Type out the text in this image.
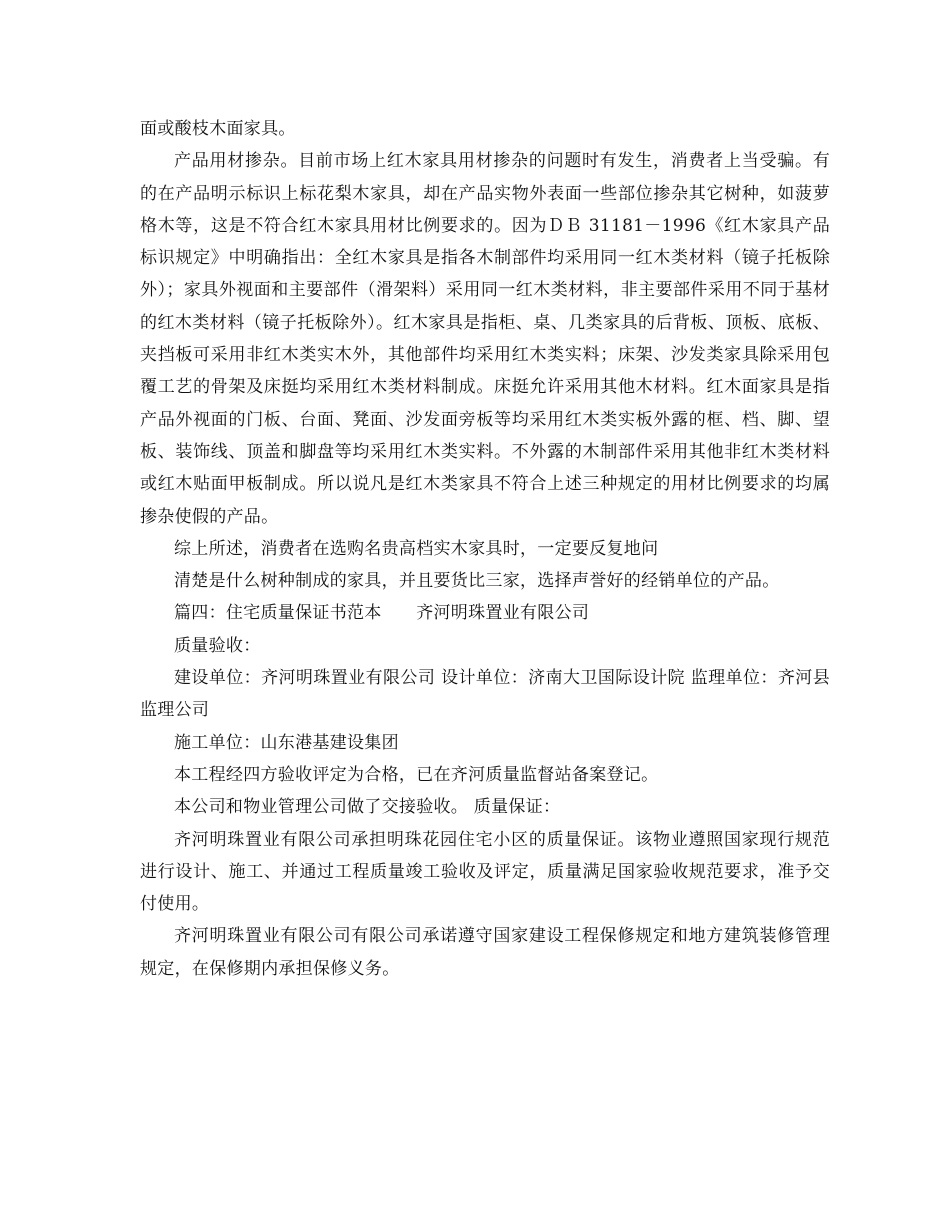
面或酸枝木面家具。

产品用材掺杂。目前市场上红木家具用材掺杂的问题时有发生，消费者上当受骗。有的在产品明示标识上标花梨木家具，却在产品实物外表面一些部位掺杂其它树种，如菠萝格木等，这是不符合红木家具用材比例要求的。因为ＤＢ 31181－1996《红木家具产品标识规定》中明确指出：全红木家具是指各木制部件均采用同一红木类材料（镜子托板除外）；家具外视面和主要部件（滑架料）采用同一红木类材料，非主要部件采用不同于基材的红木类材料（镜子托板除外）。红木家具是指柜、桌、几类家具的后背板、顶板、底板、夹挡板可采用非红木类实木外，其他部件均采用红木类实料；床架、沙发类家具除采用包覆工艺的骨架及床挺均采用红木类材料制成。床挺允许采用其他木材料。红木面家具是指产品外视面的门板、台面、凳面、沙发面旁板等均采用红木类实板外露的框、档、脚、望板、装饰线、顶盖和脚盘等均采用红木类实料。不外露的木制部件采用其他非红木类材料或红木贴面甲板制成。所以说凡是红木类家具不符合上述三种规定的用材比例要求的均属掺杂使假的产品。

综上所述，消费者在选购名贵高档实木家具时，一定要反复地问

清楚是什么树种制成的家具，并且要货比三家，选择声誉好的经销单位的产品。

篇四：住宅质量保证书范本　　齐河明珠置业有限公司

质量验收：

建设单位：齐河明珠置业有限公司 设计单位：济南大卫国际设计院 监理单位：齐河县监理公司

施工单位：山东港基建设集团

本工程经四方验收评定为合格，已在齐河质量监督站备案登记。

本公司和物业管理公司做了交接验收。 质量保证：

齐河明珠置业有限公司承担明珠花园住宅小区的质量保证。该物业遵照国家现行规范进行设计、施工、并通过工程质量竣工验收及评定，质量满足国家验收规范要求，准予交付使用。

齐河明珠置业有限公司有限公司承诺遵守国家建设工程保修规定和地方建筑装修管理规定，在保修期内承担保修义务。
